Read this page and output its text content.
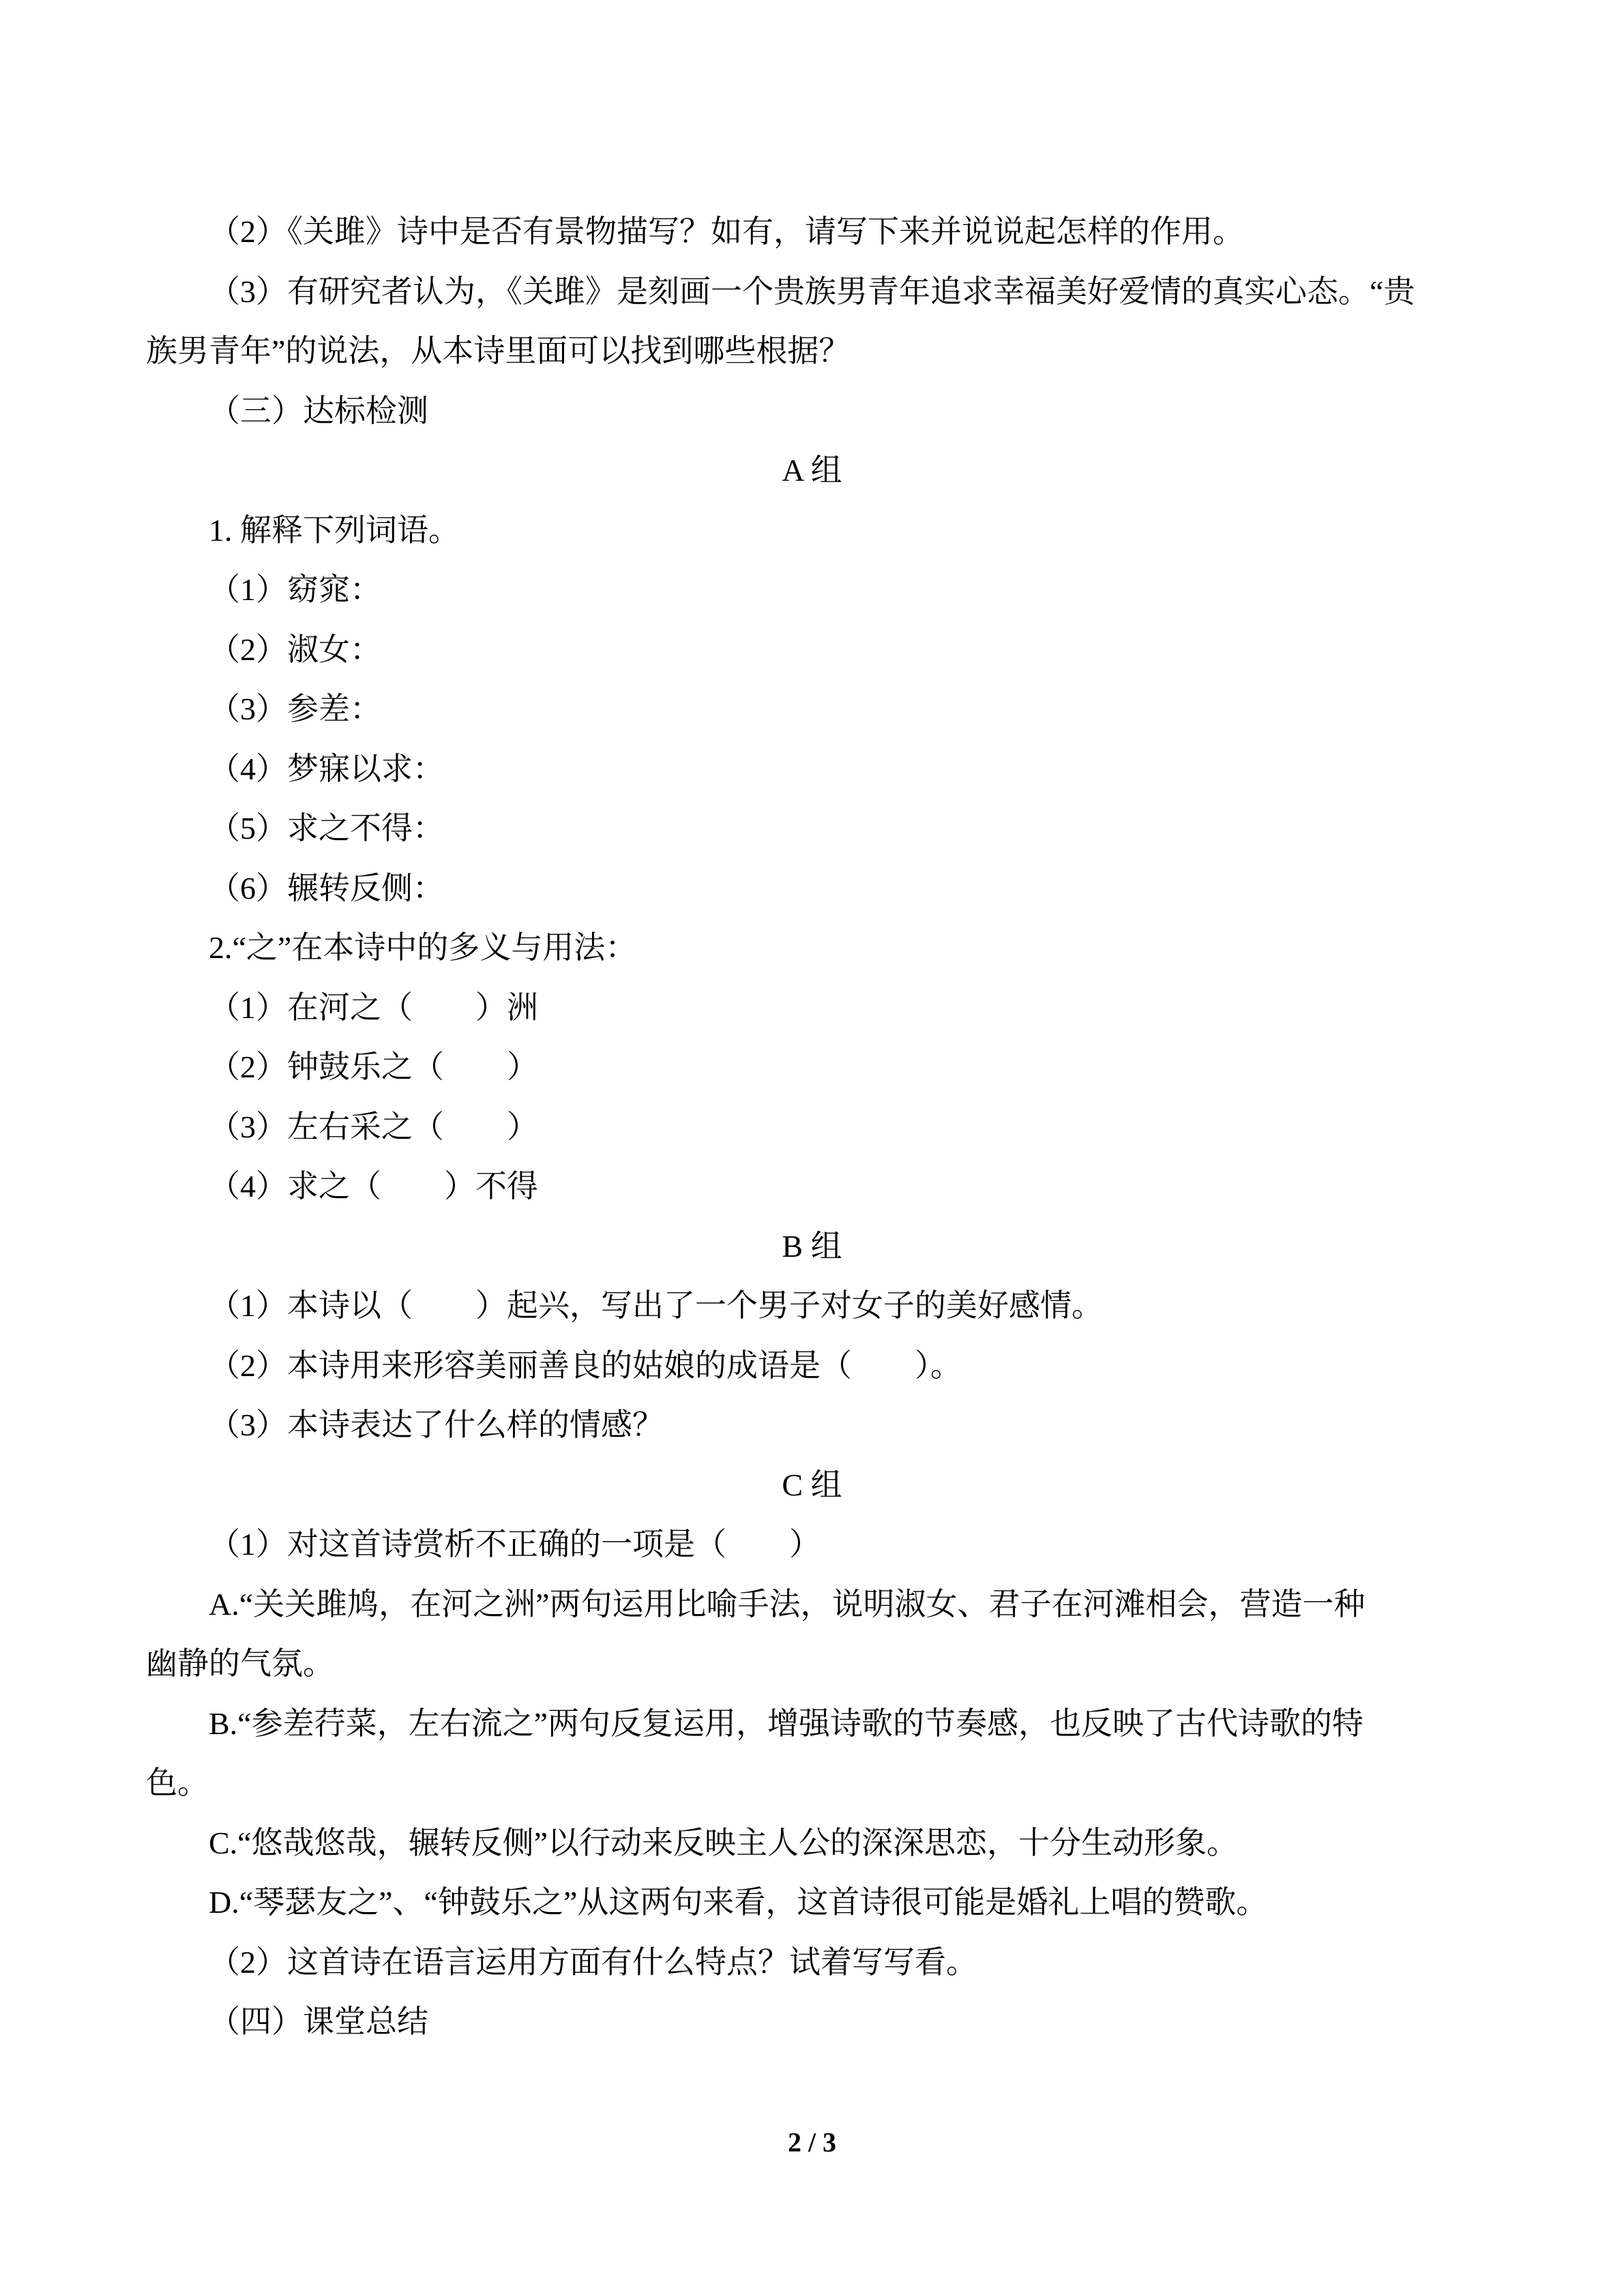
（2）《关雎》诗中是否有景物描写？如有，请写下来并说说起怎样的作用。

（3）有研究者认为，《关雎》是刻画一个贵族男青年追求幸福美好爱情的真实心态。“贵

族男青年”的说法，从本诗里面可以找到哪些根据？

（三）达标检测

A 组

1. 解释下列词语。

（1）窈窕：

（2）淑女：

（3）参差：

（4）梦寐以求：

（5）求之不得：

（6）辗转反侧：

2.“之”在本诗中的多义与用法：

（1）在河之（　　）洲

（2）钟鼓乐之（　　）

（3）左右采之（　　）

（4）求之（　　）不得

B 组

（1）本诗以（　　）起兴，写出了一个男子对女子的美好感情。

（2）本诗用来形容美丽善良的姑娘的成语是（　　）。

（3）本诗表达了什么样的情感？

C 组

（1）对这首诗赏析不正确的一项是（　　）

A.“关关雎鸠，在河之洲”两句运用比喻手法，说明淑女、君子在河滩相会，营造一种

幽静的气氛。

B.“参差荇菜，左右流之”两句反复运用，增强诗歌的节奏感，也反映了古代诗歌的特

色。

C.“悠哉悠哉，辗转反侧”以行动来反映主人公的深深思恋，十分生动形象。

D.“琴瑟友之”、“钟鼓乐之”从这两句来看，这首诗很可能是婚礼上唱的赞歌。

（2）这首诗在语言运用方面有什么特点？试着写写看。

（四）课堂总结

2 / 3
